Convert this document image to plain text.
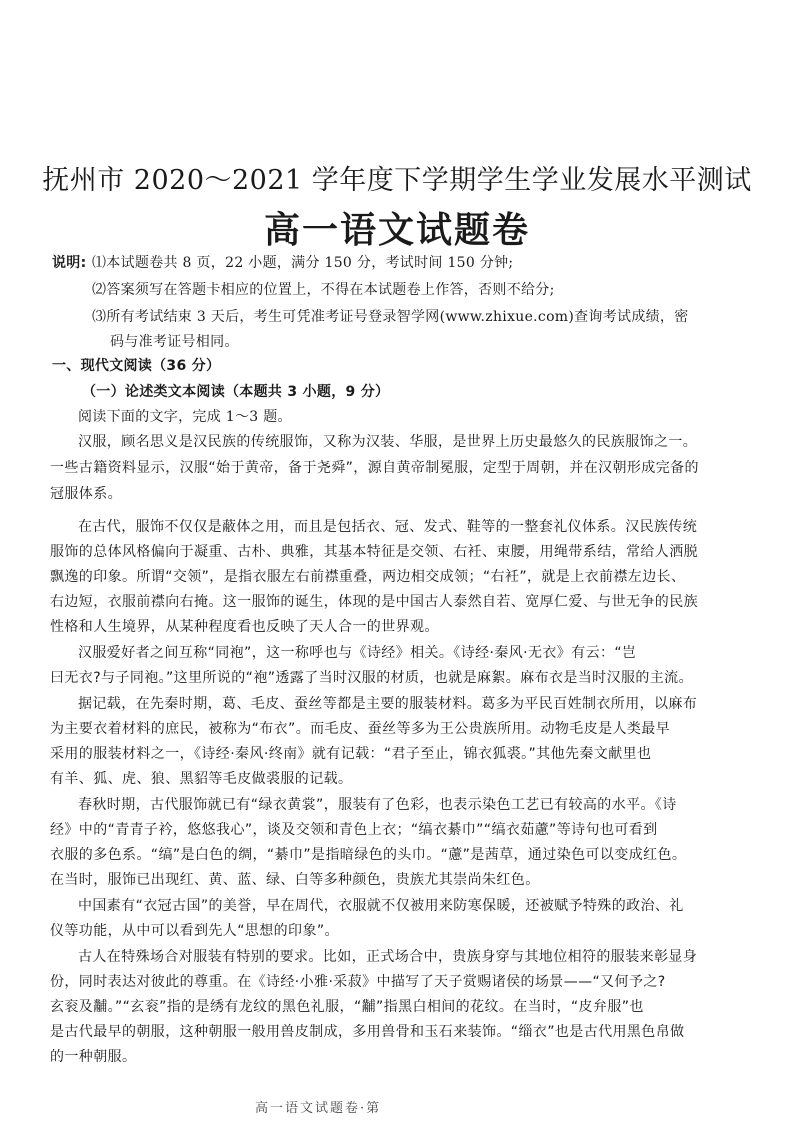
抚州市 2020～2021 学年度下学期学生学业发展水平测试
高一语文试题卷
说明: ⑴本试题卷共 8 页，22 小题，满分 150 分，考试时间 150 分钟;
⑵答案须写在答题卡相应的位置上，不得在本试题卷上作答，否则不给分;
⑶所有考试结束 3 天后，考生可凭准考证号登录智学网(www.zhixue.com)查询考试成绩，密
码与准考证号相同。
一、现代文阅读（36 分）
（一）论述类文本阅读（本题共 3 小题，9 分）
阅读下面的文字，完成 1～3 题。
汉服，顾名思义是汉民族的传统服饰，又称为汉装、华服，是世界上历史最悠久的民族服饰之一。
一些古籍资料显示，汉服“始于黄帝，备于尧舜”，源自黄帝制冕服，定型于周朝，并在汉朝形成完备的
冠服体系。
在古代，服饰不仅仅是蔽体之用，而且是包括衣、冠、发式、鞋等的一整套礼仪体系。汉民族传统
服饰的总体风格偏向于凝重、古朴、典雅，其基本特征是交领、右衽、束腰，用绳带系结，常给人洒脱
飘逸的印象。所谓“交领”，是指衣服左右前襟重叠，两边相交成领；“右衽”，就是上衣前襟左边长、
右边短，衣服前襟向右掩。这一服饰的诞生，体现的是中国古人泰然自若、宽厚仁爱、与世无争的民族
性格和人生境界，从某种程度看也反映了天人合一的世界观。
汉服爱好者之间互称“同袍”，这一称呼也与《诗经》相关。《诗经·秦风·无衣》有云：“岂
曰无衣?与子同袍。”这里所说的“袍”透露了当时汉服的材质，也就是麻絮。麻布衣是当时汉服的主流。
据记载，在先秦时期，葛、毛皮、蚕丝等都是主要的服装材料。葛多为平民百姓制衣所用，以麻布
为主要衣着材料的庶民，被称为“布衣”。而毛皮、蚕丝等多为王公贵族所用。动物毛皮是人类最早
采用的服装材料之一，《诗经·秦风·终南》就有记载：“君子至止，锦衣狐裘。”其他先秦文献里也
有羊、狐、虎、狼、黑貂等毛皮做裘服的记载。
春秋时期，古代服饰就已有“绿衣黄裳”，服装有了色彩，也表示染色工艺已有较高的水平。《诗
经》中的“青青子衿，悠悠我心”，谈及交领和青色上衣；“缟衣綦巾”“缟衣茹藘”等诗句也可看到
衣服的多色系。“缟”是白色的绸，“綦巾”是指暗绿色的头巾。“藘”是茜草，通过染色可以变成红色。
在当时，服饰已出现红、黄、蓝、绿、白等多种颜色，贵族尤其崇尚朱红色。
中国素有“衣冠古国”的美誉，早在周代，衣服就不仅被用来防寒保暖，还被赋予特殊的政治、礼
仪等功能，从中可以看到先人“思想的印象”。
古人在特殊场合对服装有特别的要求。比如，正式场合中，贵族身穿与其地位相符的服装来彰显身
份，同时表达对彼此的尊重。在《诗经·小雅·采菽》中描写了天子赏赐诸侯的场景——“又何予之?
玄衮及黼。”“玄衮”指的是绣有龙纹的黑色礼服，“黼”指黑白相间的花纹。在当时，“皮弁服”也
是古代最早的朝服，这种朝服一般用兽皮制成，多用兽骨和玉石来装饰。“缁衣”也是古代用黑色帛做
的一种朝服。
高一语文试题卷·第
